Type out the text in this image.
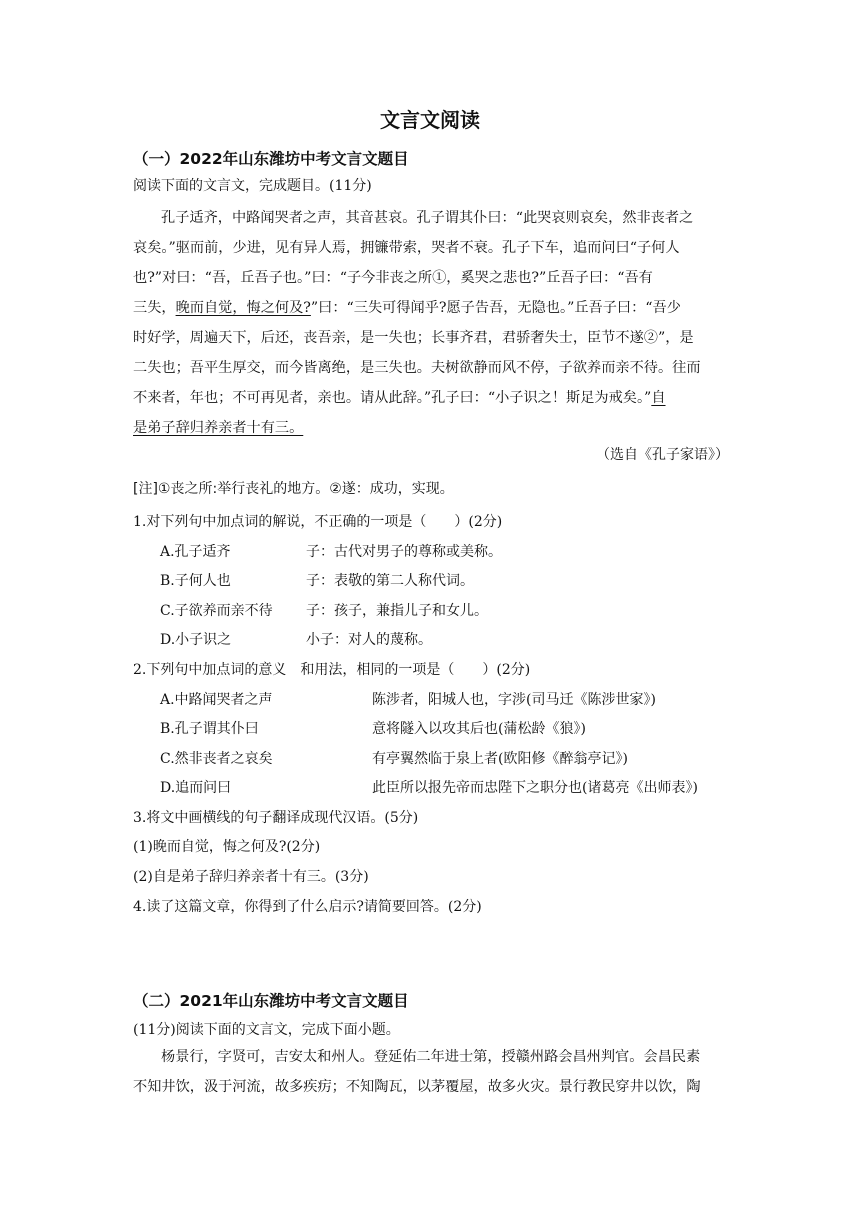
文言文阅读
（一）2022年山东潍坊中考文言文题目
阅读下面的文言文，完成题目。(11分)
孔子适齐，中路闻哭者之声，其音甚哀。孔子谓其仆曰：“此哭哀则哀矣，然非丧者之
哀矣。”驱而前，少进，见有异人焉，拥镰带索，哭者不衰。孔子下车，追而问曰“子何人
也?”对曰：“吾，丘吾子也。”曰：“子今非丧之所①，奚哭之悲也?”丘吾子曰：“吾有
三失，晚而自觉，悔之何及?”曰：“三失可得闻乎?愿子告吾，无隐也。”丘吾子曰：“吾少
时好学，周遍天下，后还，丧吾亲，是一失也；长事齐君，君骄奢失士，臣节不遂②”，是
二失也；吾平生厚交，而今皆离绝，是三失也。夫树欲静而风不停，子欲养而亲不待。往而
不来者，年也；不可再见者，亲也。请从此辞。”孔子曰：“小子识之！斯足为戒矣。”自
是弟子辞归养亲者十有三。
（选自《孔子家语》）
[注]①丧之所:举行丧礼的地方。②遂：成功，实现。
1.对下列句中加点词的解说，不正确的一项是（　　）(2分)
A.孔子适齐	子：古代对男子的尊称或美称。
B.子何人也	子：表敬的第二人称代词。
C.子欲养而亲不待 子：孩子，兼指儿子和女儿。
D.小子识之	小子：对人的蔑称。
2.下列句中加点词的意义　和用法，相同的一项是（　　）(2分)
A.中路闻哭者之声	陈涉者，阳城人也，字涉(司马迁《陈涉世家》)
B.孔子谓其仆曰	意将隧入以攻其后也(蒲松龄《狼》)
C.然非丧者之哀矣	有亭翼然临于泉上者(欧阳修《醉翁亭记》)
D.追而问曰	此臣所以报先帝而忠陛下之职分也(诸葛亮《出师表》)
3.将文中画横线的句子翻译成现代汉语。(5分)
(1)晚而自觉，悔之何及?(2分)
(2)自是弟子辞归养亲者十有三。(3分)
4.读了这篇文章，你得到了什么启示?请简要回答。(2分)
（二）2021年山东潍坊中考文言文题目
(11分)阅读下面的文言文，完成下面小题。
杨景行，字贤可，吉安太和州人。登延佑二年进士第，授赣州路会昌州判官。会昌民素
不知井饮，汲于河流，故多疾疠；不知陶瓦，以茅覆屋，故多火灾。景行教民穿井以饮，陶
